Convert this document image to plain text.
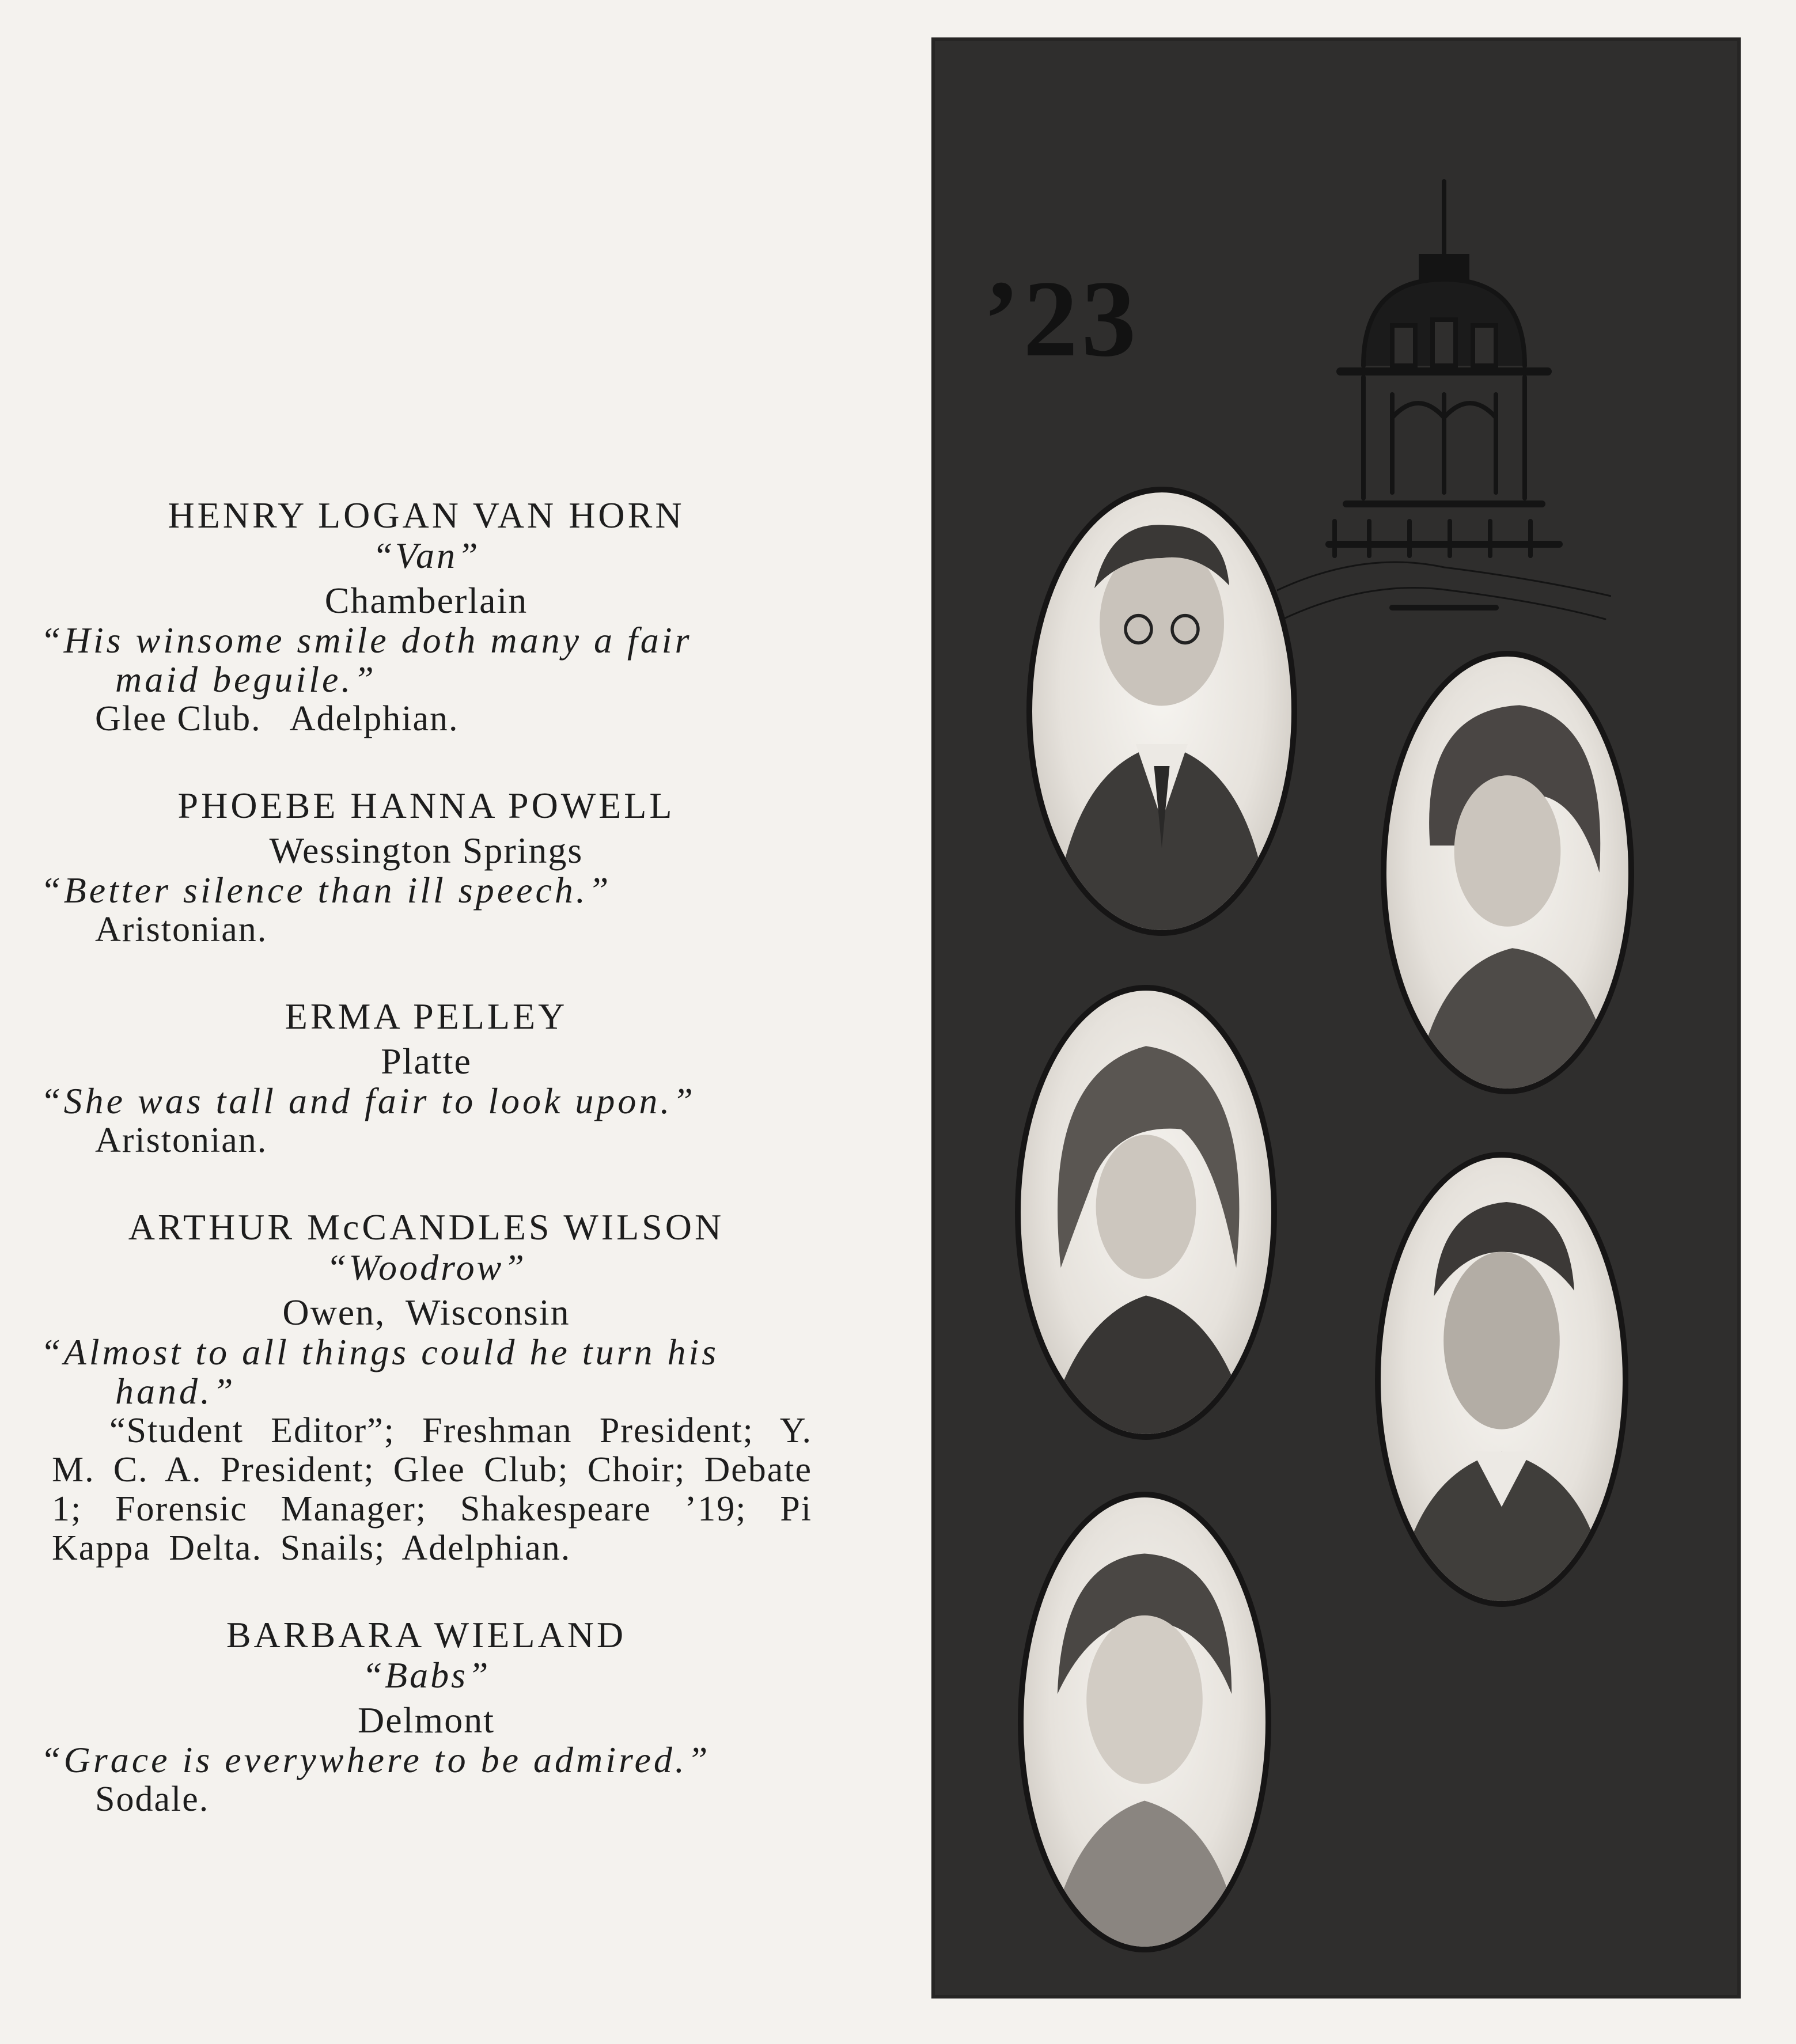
HENRY LOGAN VAN HORN
“Van”
Chamberlain
“His winsome smile doth many a fair
maid beguile.”
Glee Club.   Adelphian.
PHOEBE HANNA POWELL
Wessington Springs
“Better silence than ill speech.”
Aristonian.
ERMA PELLEY
Platte
“She was tall and fair to look upon.”
Aristonian.
ARTHUR McCANDLES WILSON
“Woodrow”
Owen,  Wisconsin
“Almost to all things could he turn his
hand.”
“Student Editor”; Freshman President; Y. M. C. A. President; Glee Club; Choir; Debate 1; Forensic Manager; Shakespeare ’19; Pi Kappa Delta. Snails; Adelphian.
BARBARA WIELAND
“Babs”
Delmont
“Grace is everywhere to be admired.”
Sodale.
’23
